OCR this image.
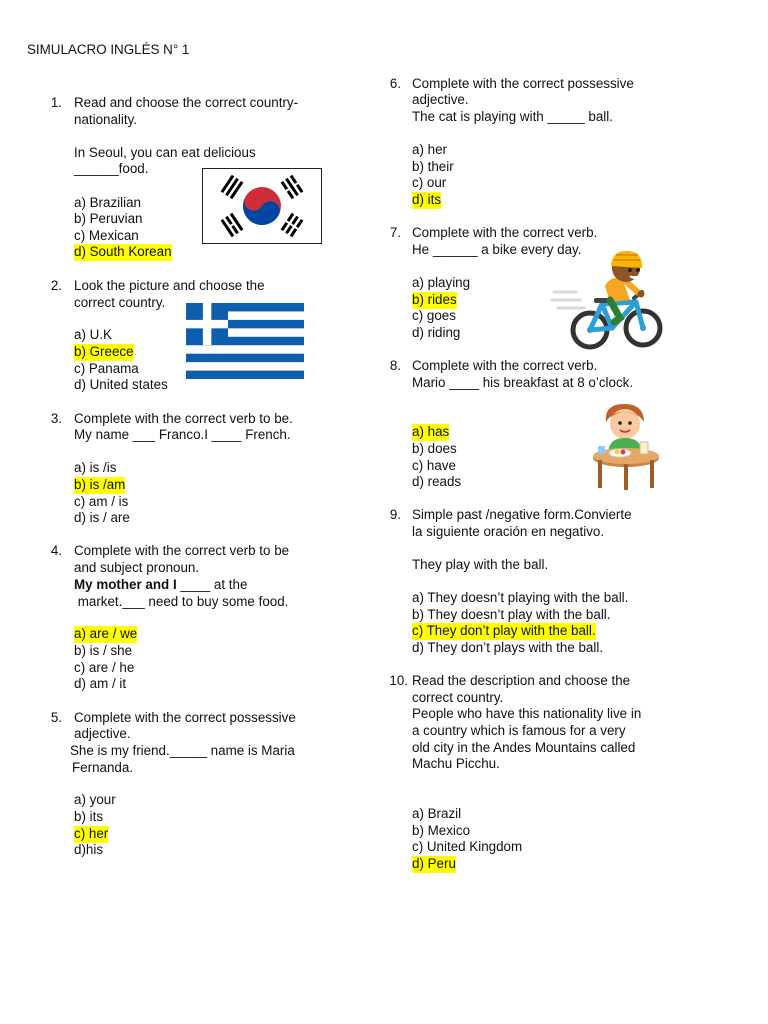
SIMULACRO INGLÉS N° 1
1. Read and choose the correct country-
nationality.
In Seoul, you can eat delicious
______food.
a) Brazilian
b) Peruvian
c) Mexican
d) South Korean
2. Look the picture and choose the
correct country.
a) U.K
b) Greece
c) Panama
d) United states
3. Complete with the correct verb to be.
My name ___ Franco.I ____ French.
a) is /is
b) is /am
c) am / is
d) is / are
4. Complete with the correct verb to be
and subject pronoun.
My mother and I ____ at the
market.___ need to buy some food.
a) are / we
b) is / she
c) are / he
d) am / it
5. Complete with the correct possessive
adjective.
She is my friend._____ name is Maria
Fernanda.
a) your
b) its
c) her
d)his
6. Complete with the correct possessive
adjective.
The cat is playing with _____ ball.
a) her
b) their
c) our
d) its
7. Complete with the correct verb.
He ______ a bike every day.
a) playing
b) rides
c) goes
d) riding
8. Complete with the correct verb.
Mario ____ his breakfast at 8 o’clock.
a) has
b) does
c) have
d) reads
9. Simple past /negative form.Convierte
la siguiente oración en negativo.
They play with the ball.
a) They doesn’t playing with the ball.
b) They doesn’t play with the ball.
c) They don’t play with the ball.
d) They don’t plays with the ball.
10. Read the description and choose the
correct country.
People who have this nationality live in
a country which is famous for a very
old city in the Andes Mountains called
Machu Picchu.
a) Brazil
b) Mexico
c) United Kingdom
d) Peru
